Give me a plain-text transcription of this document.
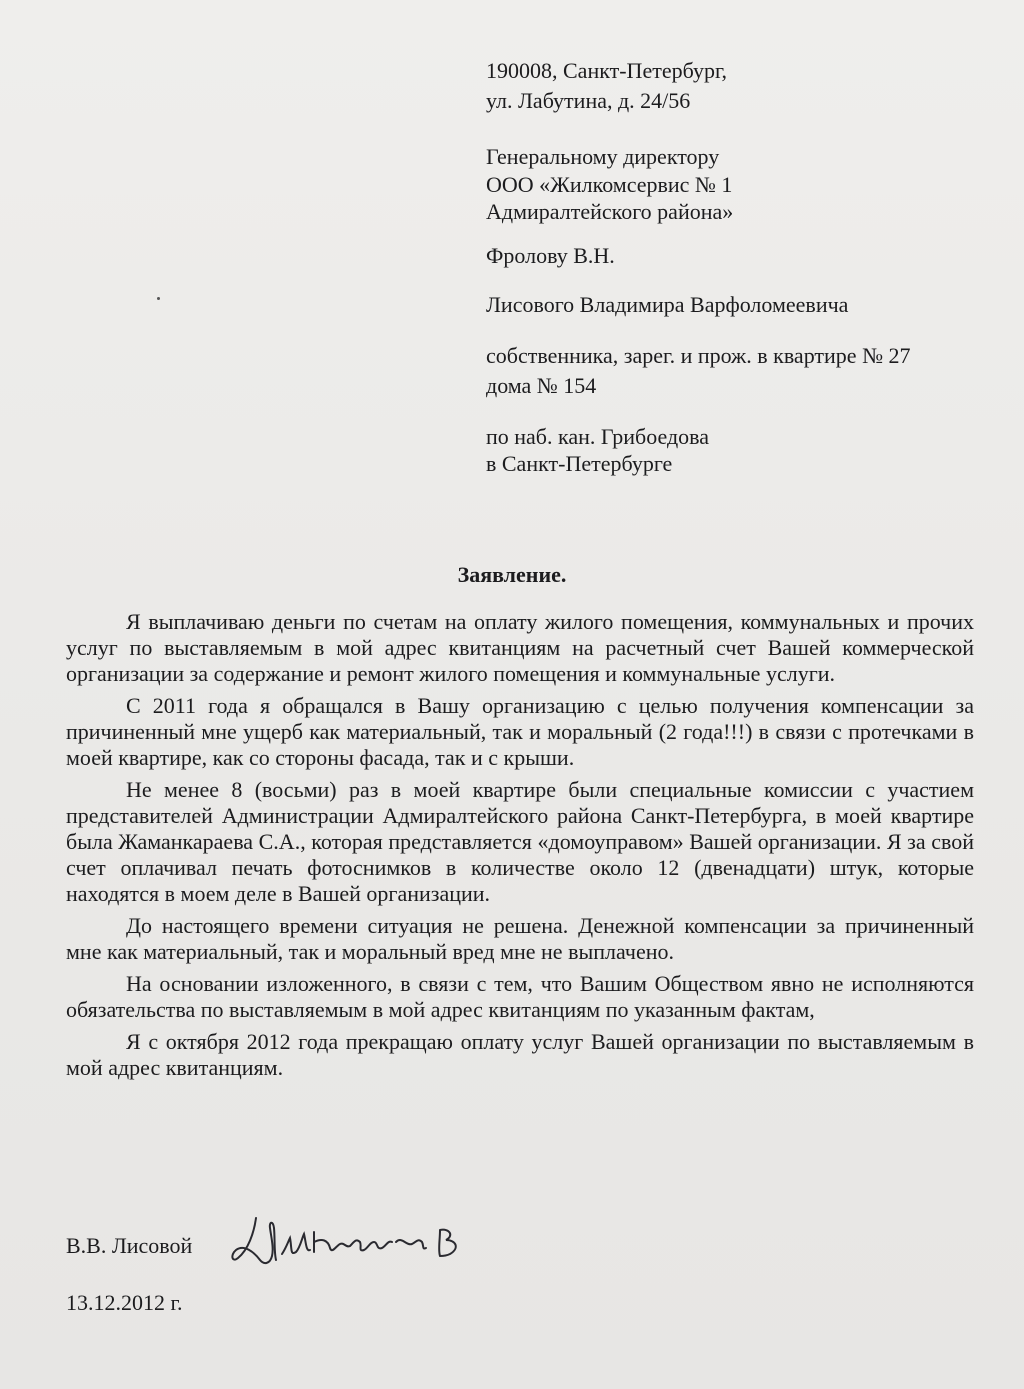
190008, Санкт-Петербург,
ул. Лабутина, д. 24/56
Генеральному директору
ООО «Жилкомсервис № 1
Адмиралтейского района»
Фролову В.Н.
Лисового Владимира Варфоломеевича
собственника, зарег. и прож. в квартире № 27
дома № 154
по наб. кан. Грибоедова
в Санкт-Петербурге
Заявление.

Я выплачиваю деньги по счетам на оплату жилого помещения, коммунальных и прочих услуг по выставляемым в мой адрес квитанциям на расчетный счет Вашей коммерческой организации за содержание и ремонт жилого помещения и коммунальные услуги.

С 2011 года я обращался в Вашу организацию с целью получения компенсации за причиненный мне ущерб как материальный, так и моральный (2 года!!!) в связи с протечками в моей квартире, как со стороны фасада, так и с крыши.

Не менее 8 (восьми) раз в моей квартире были специальные комиссии с участием представителей Администрации Адмиралтейского района Санкт-Петербурга, в моей квартире была Жаманкараева С.А., которая представляется «домоуправом» Вашей организации. Я за свой счет оплачивал печать фотоснимков в количестве около 12 (двенадцати) штук, которые находятся в моем деле в Вашей организации.

До настоящего времени ситуация не решена. Денежной компенсации за причиненный мне как материальный, так и моральный вред мне не выплачено.

На основании изложенного, в связи с тем, что Вашим Обществом явно не исполняются обязательства по выставляемым в мой адрес квитанциям по указанным фактам,

Я с октября 2012 года прекращаю оплату услуг Вашей организации по выставляемым в мой адрес квитанциям.

В.В. Лисовой
13.12.2012 г.
